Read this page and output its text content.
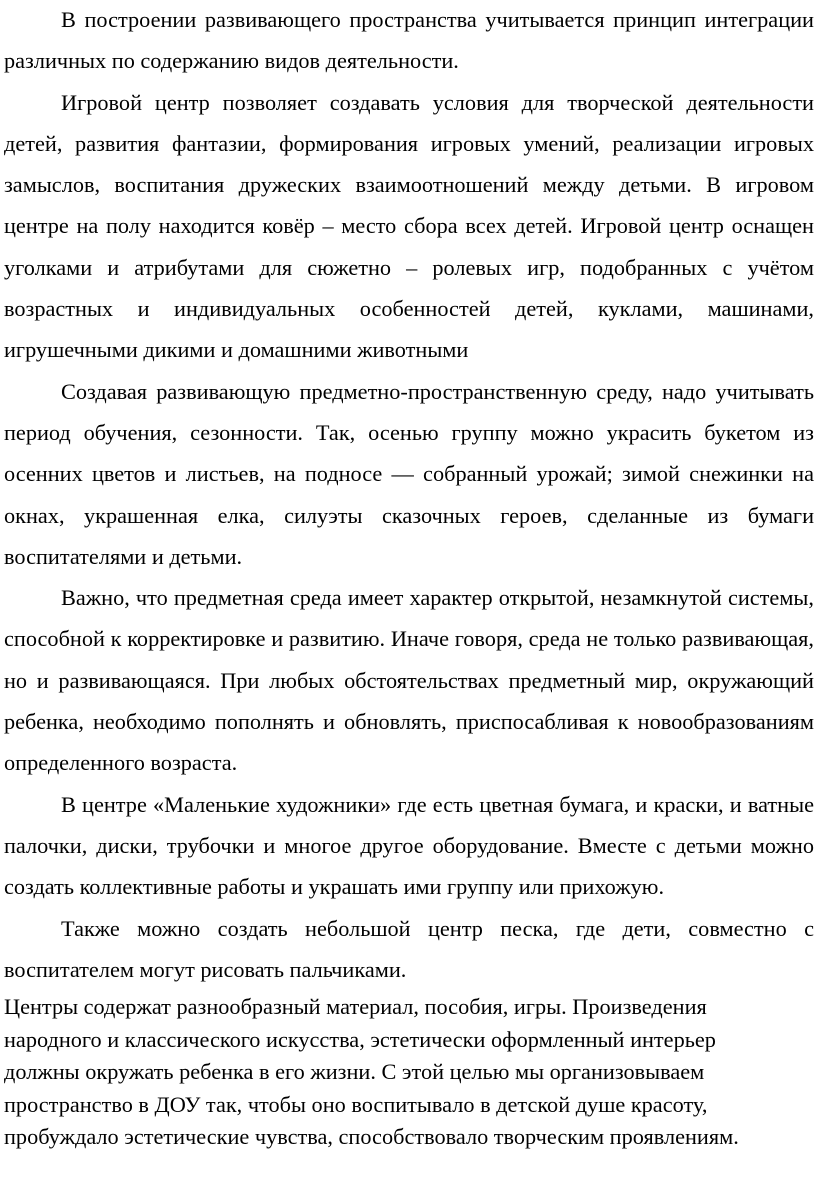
В построении развивающего пространства учитывается принцип интеграции различных по содержанию видов деятельности.

Игровой центр позволяет создавать условия для творческой деятельности детей, развития фантазии, формирования игровых умений, реализации игровых замыслов, воспитания дружеских взаимоотношений между детьми. В игровом центре на полу находится ковёр – место сбора всех детей. Игровой центр оснащен уголками и атрибутами для сюжетно – ролевых игр, подобранных с учётом возрастных и индивидуальных особенностей детей, куклами, машинами, игрушечными дикими и домашними животными

Создавая развивающую предметно-пространственную среду, надо учитывать период обучения, сезонности. Так, осенью группу можно украсить букетом из осенних цветов и листьев, на подносе — собранный урожай; зимой снежинки на окнах, украшенная елка, силуэты сказочных героев, сделанные из бумаги воспитателями и детьми.

Важно, что предметная среда имеет характер открытой, незамкнутой системы, способной к корректировке и развитию. Иначе говоря, среда не только развивающая, но и развивающаяся. При любых обстоятельствах предметный мир, окружающий ребенка, необходимо пополнять и обновлять, приспосабливая к новообразованиям определенного возраста.

В центре «Маленькие художники» где есть цветная бумага, и краски, и ватные палочки, диски, трубочки и многое другое оборудование. Вместе с детьми можно создать коллективные работы и украшать ими группу или прихожую.

Также можно создать небольшой центр песка, где дети, совместно с воспитателем могут рисовать пальчиками.

Центры содержат разнообразный материал, пособия, игры. Произведения
народного и классического искусства, эстетически оформленный интерьер
должны окружать ребенка в его жизни. С этой целью мы организовываем
пространство в ДОУ так, чтобы оно воспитывало в детской душе красоту,
пробуждало эстетические чувства, способствовало творческим проявлениям.
